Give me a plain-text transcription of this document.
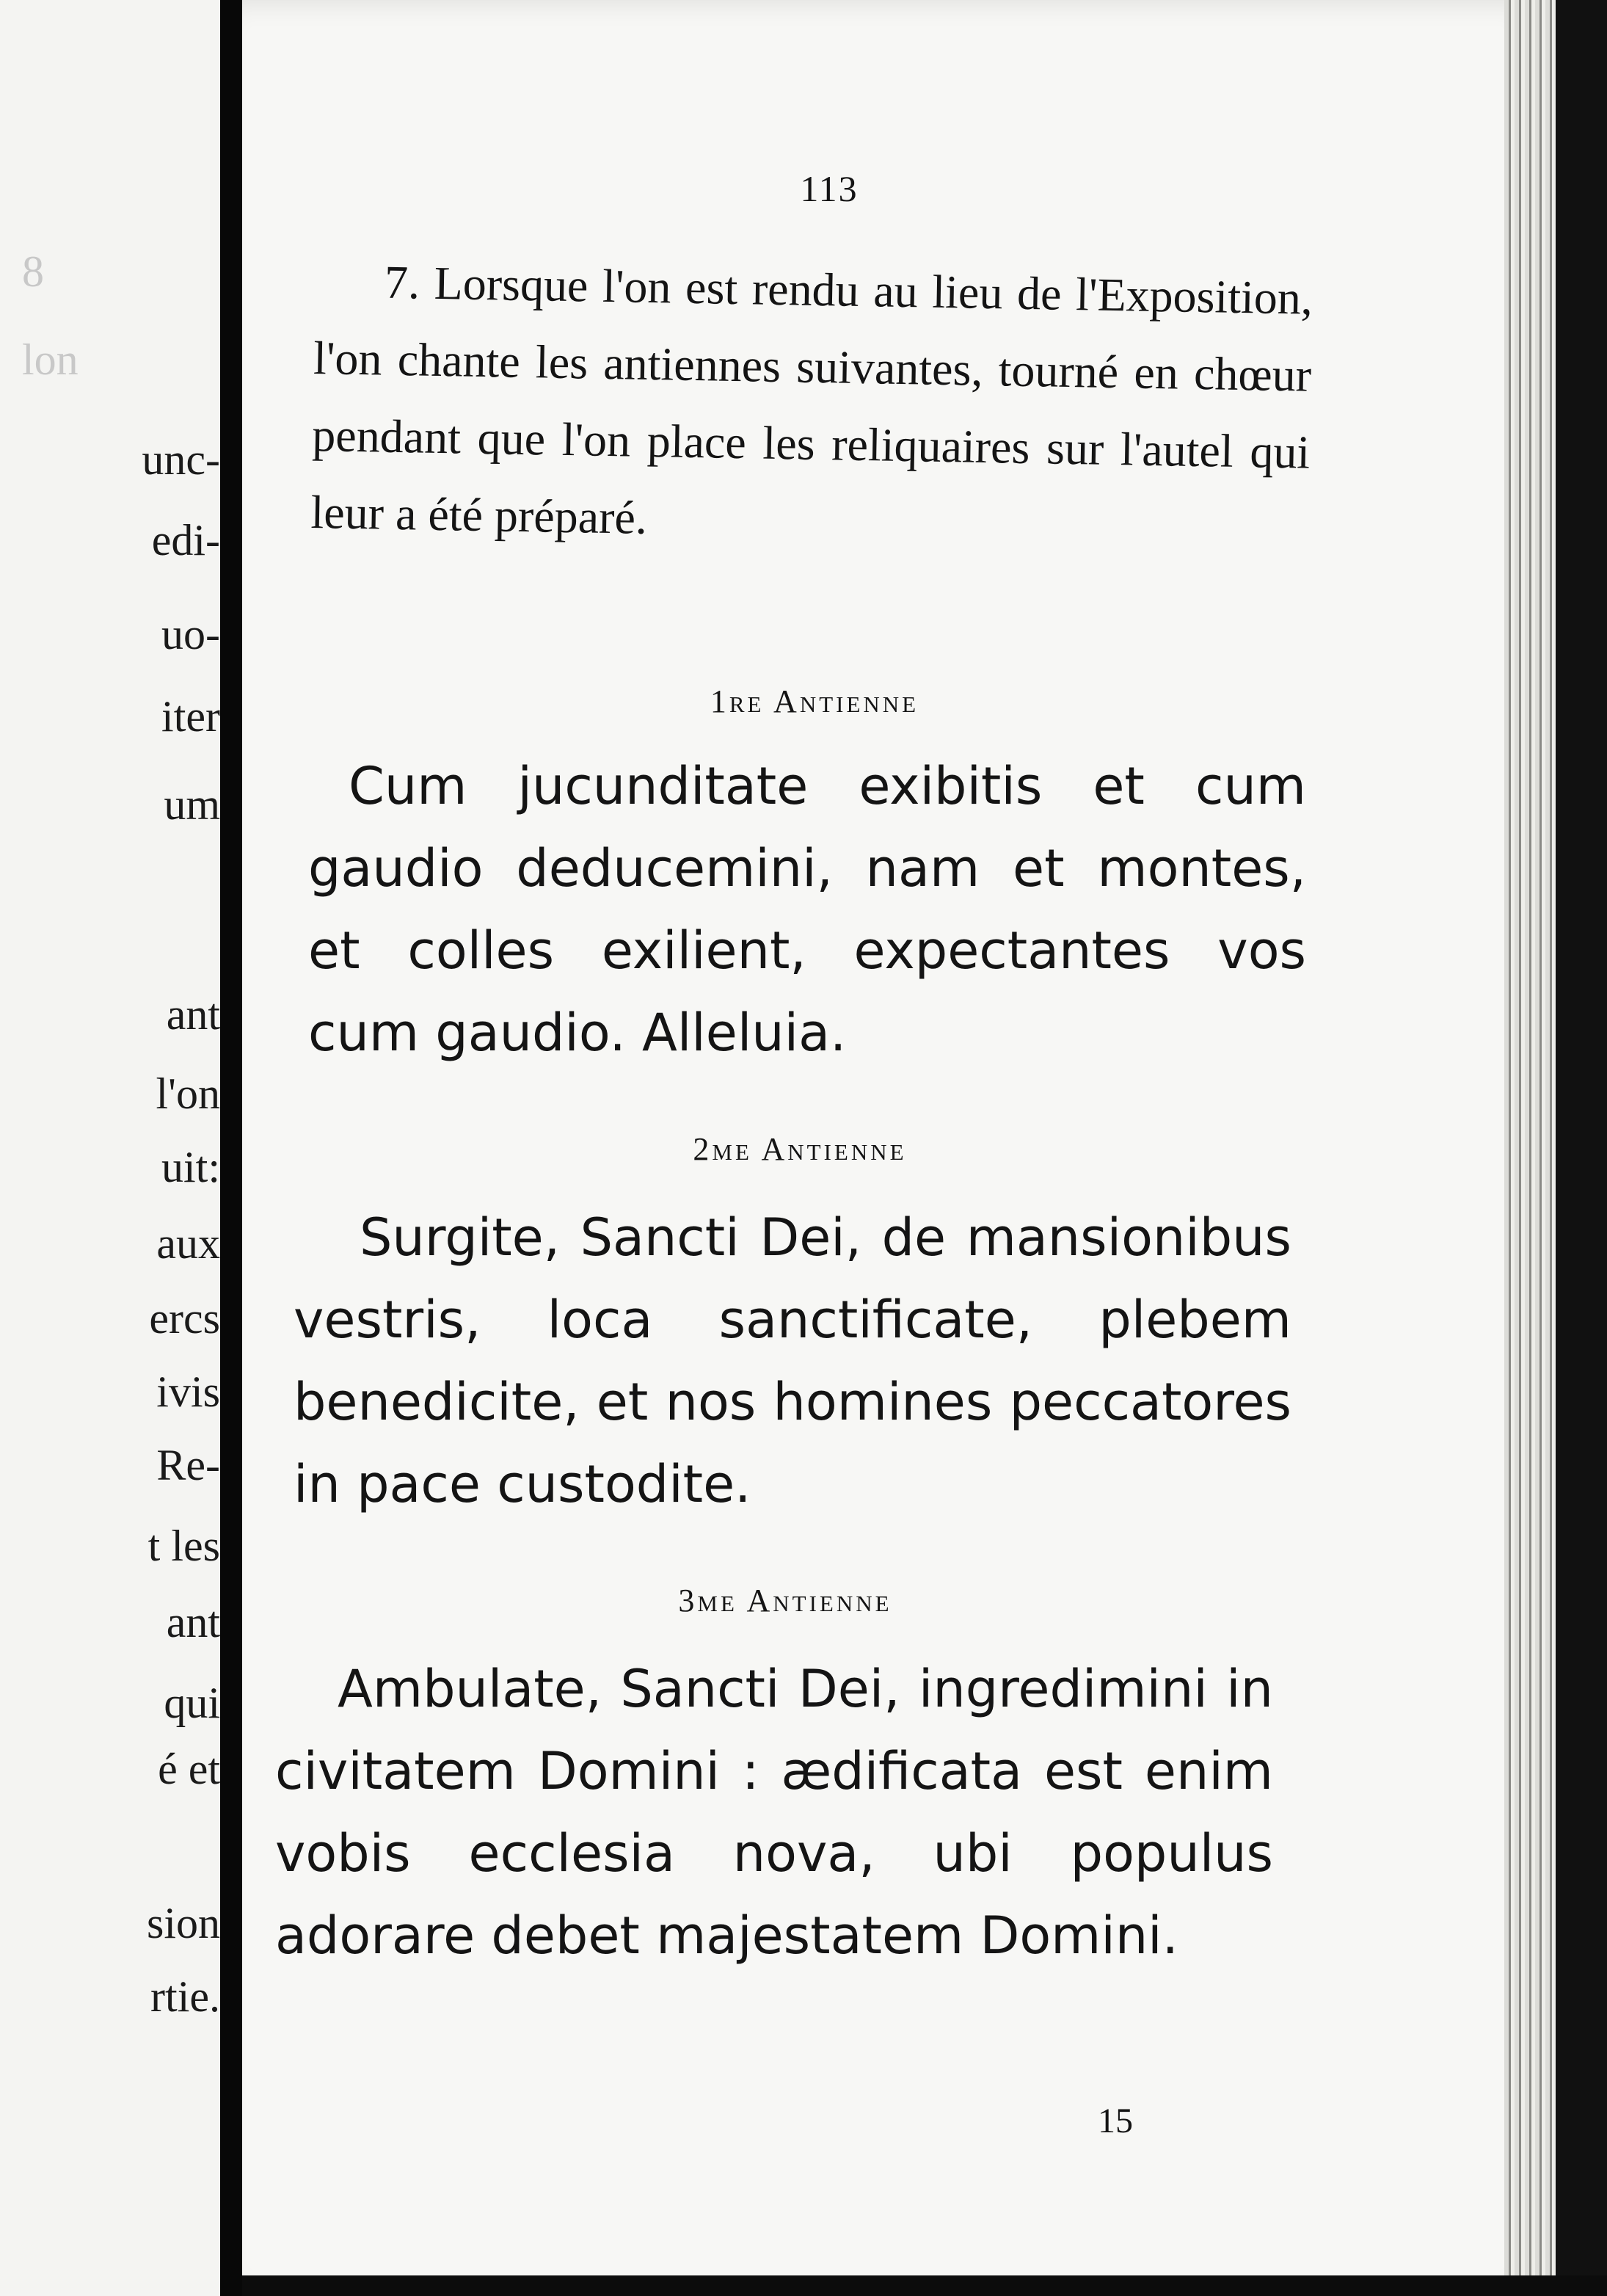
8
lon
unc-
edi-
uo-
iter
um
ant
l'on
uit:
aux
ercs
ivis
Re-
t les
ant
qui
é et
sion
rtie.
113
7. Lorsque l'on est rendu au lieu de l'Exposition, l'on chante les antiennes suivantes, tourné en chœur pendant que l'on place les reliquaires sur l'autel qui leur a été préparé.
1re Antienne
Cum jucunditate exibitis et cum gaudio deducemini, nam et montes, et colles exilient, expectantes vos cum gaudio. Alleluia.
2me Antienne
Surgite, Sancti Dei, de mansionibus vestris, loca sanctificate, plebem benedicite, et nos homines peccatores in pace custodite.
3me Antienne
Ambulate, Sancti Dei, ingredimini in civitatem Domini : ædificata est enim vobis ecclesia nova, ubi populus adorare debet majestatem Domini.
15
